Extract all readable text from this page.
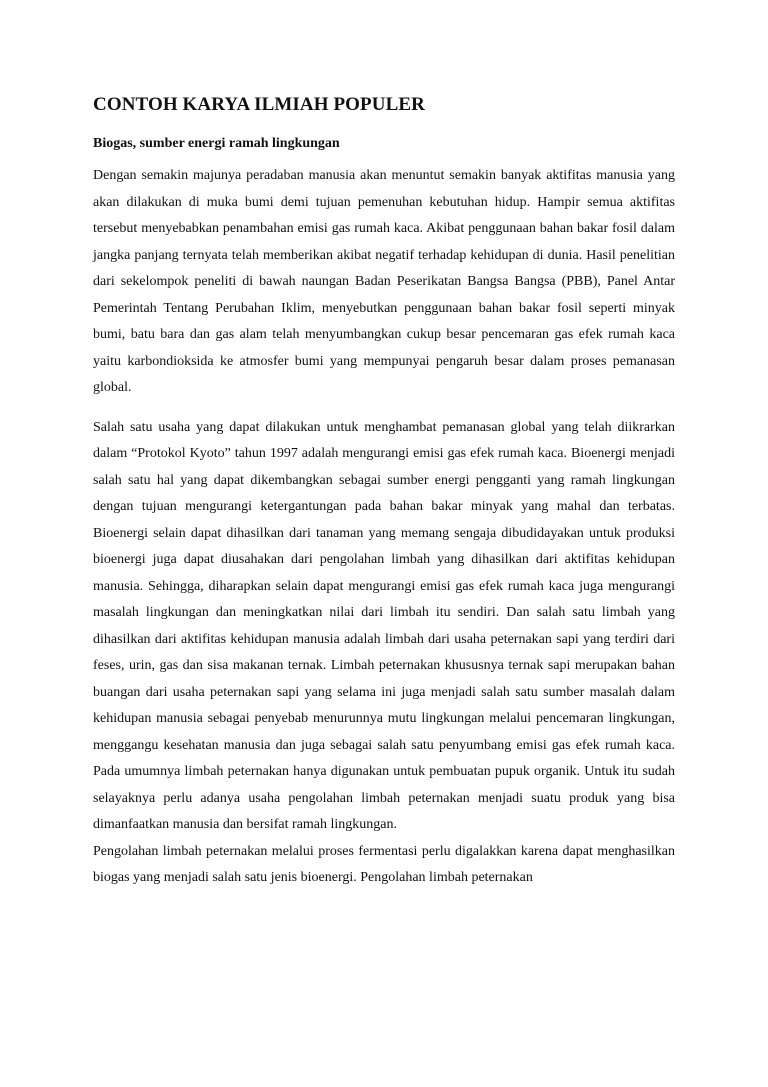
CONTOH KARYA ILMIAH POPULER
Biogas, sumber energi ramah lingkungan

Dengan semakin majunya peradaban manusia akan menuntut semakin banyak aktifitas manusia yang akan dilakukan di muka bumi demi tujuan pemenuhan kebutuhan hidup. Hampir semua aktifitas tersebut menyebabkan penambahan emisi gas rumah kaca. Akibat penggunaan bahan bakar fosil dalam jangka panjang ternyata telah memberikan akibat negatif terhadap kehidupan di dunia. Hasil penelitian dari sekelompok peneliti di bawah naungan Badan Peserikatan Bangsa Bangsa (PBB), Panel Antar Pemerintah Tentang Perubahan Iklim, menyebutkan penggunaan bahan bakar fosil seperti minyak bumi, batu bara dan gas alam telah menyumbangkan cukup besar pencemaran gas efek rumah kaca yaitu karbondioksida ke atmosfer bumi yang mempunyai pengaruh besar dalam proses pemanasan global.

Salah satu usaha yang dapat dilakukan untuk menghambat pemanasan global yang telah diikrarkan dalam “Protokol Kyoto” tahun 1997 adalah mengurangi emisi gas efek rumah kaca. Bioenergi menjadi salah satu hal yang dapat dikembangkan sebagai sumber energi pengganti yang ramah lingkungan dengan tujuan mengurangi ketergantungan pada bahan bakar minyak yang mahal dan terbatas. Bioenergi selain dapat dihasilkan dari tanaman yang memang sengaja dibudidayakan untuk produksi bioenergi juga dapat diusahakan dari pengolahan limbah yang dihasilkan dari aktifitas kehidupan manusia. Sehingga, diharapkan selain dapat mengurangi emisi gas efek rumah kaca juga mengurangi masalah lingkungan dan meningkatkan nilai dari limbah itu sendiri. Dan salah satu limbah yang dihasilkan dari aktifitas kehidupan manusia adalah limbah dari usaha peternakan sapi yang terdiri dari feses, urin, gas dan sisa makanan ternak. Limbah peternakan khususnya ternak sapi merupakan bahan buangan dari usaha peternakan sapi yang selama ini juga menjadi salah satu sumber masalah dalam kehidupan manusia sebagai penyebab menurunnya mutu lingkungan melalui pencemaran lingkungan, menggangu kesehatan manusia dan juga sebagai salah satu penyumbang emisi gas efek rumah kaca. Pada umumnya limbah peternakan hanya digunakan untuk pembuatan pupuk organik. Untuk itu sudah selayaknya perlu adanya usaha pengolahan limbah peternakan menjadi suatu produk yang bisa dimanfaatkan manusia dan bersifat ramah lingkungan.

Pengolahan limbah peternakan melalui proses fermentasi perlu digalakkan karena dapat menghasilkan biogas yang menjadi salah satu jenis bioenergi. Pengolahan limbah peternakan
